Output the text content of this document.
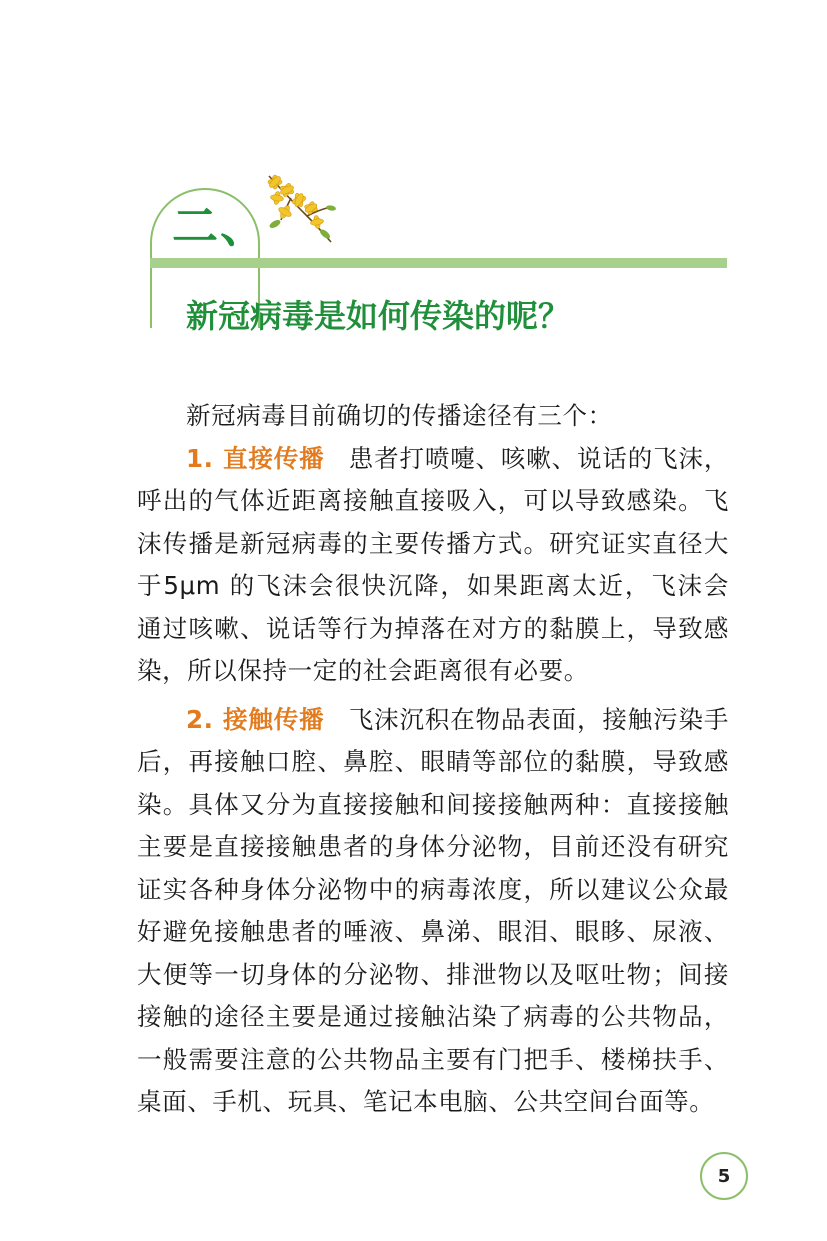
二、
新冠病毒是如何传染的呢？

新冠病毒目前确切的传播途径有三个：

1. 直接传播 患者打喷嚏、咳嗽、说话的飞沫，呼出的气体近距离接触直接吸入，可以导致感染。飞沫传播是新冠病毒的主要传播方式。研究证实直径大于5μm 的飞沫会很快沉降，如果距离太近，飞沫会通过咳嗽、说话等行为掉落在对方的黏膜上，导致感染，所以保持一定的社会距离很有必要。

2. 接触传播 飞沫沉积在物品表面，接触污染手后，再接触口腔、鼻腔、眼睛等部位的黏膜，导致感染。具体又分为直接接触和间接接触两种：直接接触主要是直接接触患者的身体分泌物，目前还没有研究证实各种身体分泌物中的病毒浓度，所以建议公众最好避免接触患者的唾液、鼻涕、眼泪、眼眵、尿液、大便等一切身体的分泌物、排泄物以及呕吐物；间接接触的途径主要是通过接触沾染了病毒的公共物品，一般需要注意的公共物品主要有门把手、楼梯扶手、桌面、手机、玩具、笔记本电脑、公共空间台面等。

5
